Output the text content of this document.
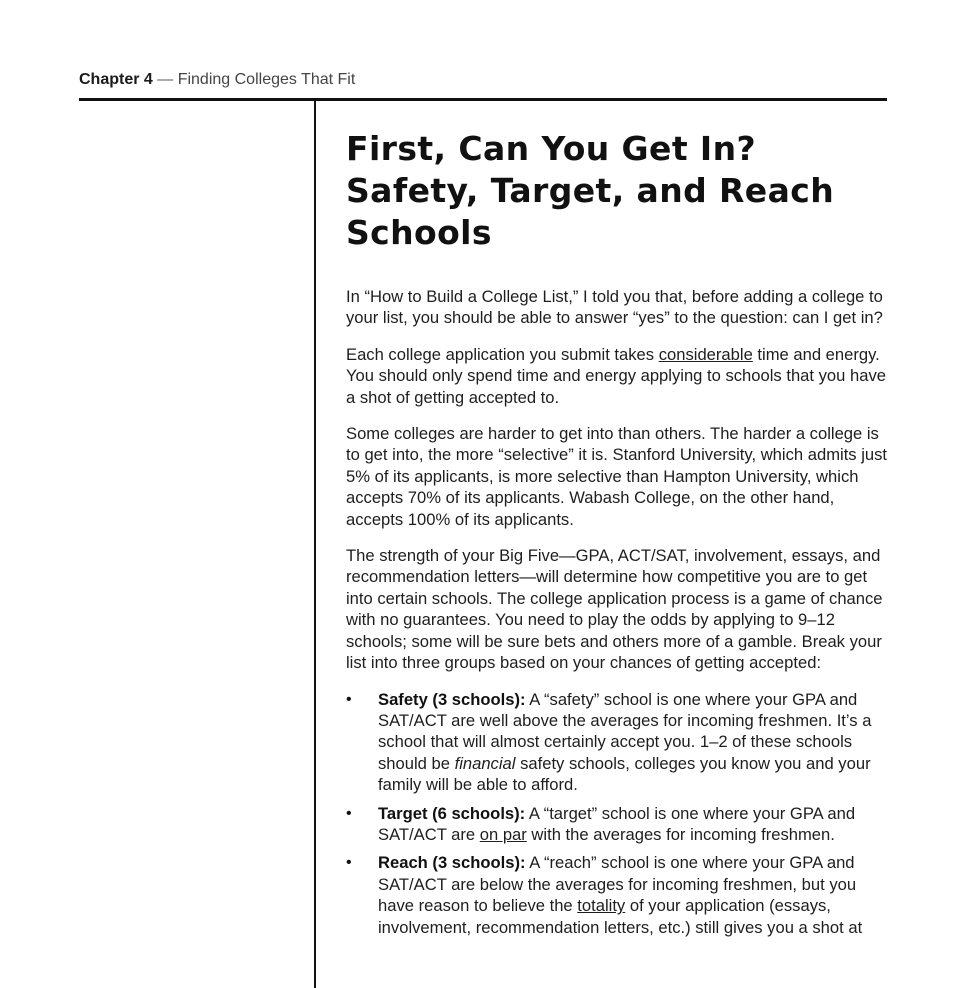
Chapter 4 — Finding Colleges That Fit
First, Can You Get In?
Safety, Target, and Reach
Schools

In “How to Build a College List,” I told you that, before adding a college to your list, you should be able to answer “yes” to the question: can I get in?

Each college application you submit takes considerable time and energy. You should only spend time and energy applying to schools that you have a shot of getting accepted to.

Some colleges are harder to get into than others. The harder a college is to get into, the more “selective” it is. Stanford University, which admits just 5% of its applicants, is more selective than Hampton University, which accepts 70% of its applicants. Wabash College, on the other hand, accepts 100% of its applicants.

The strength of your Big Five—GPA, ACT/SAT, involvement, essays, and recommendation letters—will determine how competitive you are to get into certain schools. The college application process is a game of chance with no guarantees. You need to play the odds by applying to 9–12 schools; some will be sure bets and others more of a gamble. Break your list into three groups based on your chances of getting accepted:

• Safety (3 schools): A “safety” school is one where your GPA and SAT/ACT are well above the averages for incoming freshmen. It’s a school that will almost certainly accept you. 1–2 of these schools should be financial safety schools, colleges you know you and your family will be able to afford.
• Target (6 schools): A “target” school is one where your GPA and SAT/ACT are on par with the averages for incoming freshmen.
• Reach (3 schools): A “reach” school is one where your GPA and SAT/ACT are below the averages for incoming freshmen, but you have reason to believe the totality of your application (essays, involvement, recommendation letters, etc.) still gives you a shot at
